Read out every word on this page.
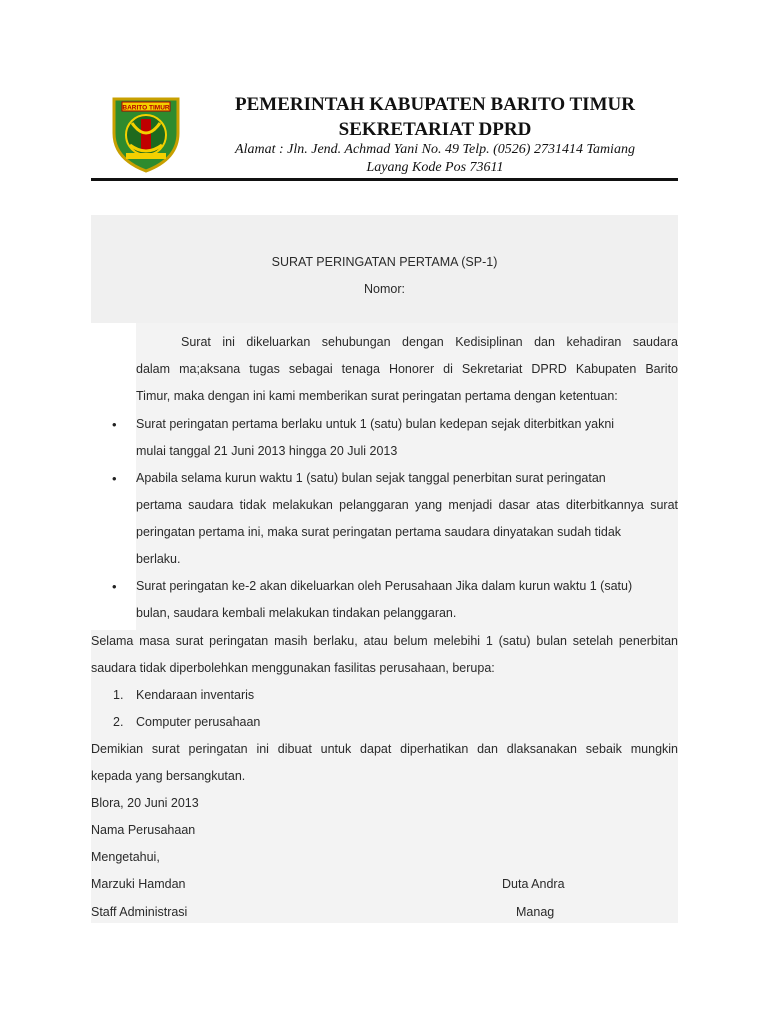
BARITO TIMUR	PEMERINTAH KABUPATEN BARITO TIMUR
SEKRETARIAT DPRD
Alamat : Jln. Jend. Achmad Yani No. 49 Telp. (0526) 2731414 Tamiang
Layang Kode Pos 73611
SURAT PERINGATAN PERTAMA (SP-1)
Nomor:
Surat ini dikeluarkan sehubungan dengan Kedisiplinan dan kehadiran saudara
dalam ma;aksana tugas sebagai tenaga Honorer di Sekretariat DPRD Kabupaten Barito
Timur, maka dengan ini kami memberikan surat peringatan pertama dengan ketentuan:
• Surat peringatan pertama berlaku untuk 1 (satu) bulan kedepan sejak diterbitkan yakni
mulai tanggal 21 Juni 2013 hingga 20 Juli 2013
• Apabila selama kurun waktu 1 (satu) bulan sejak tanggal penerbitan surat peringatan
pertama saudara tidak melakukan pelanggaran yang menjadi dasar atas diterbitkannya surat
peringatan pertama ini, maka surat peringatan pertama saudara dinyatakan sudah tidak
berlaku.
• Surat peringatan ke-2 akan dikeluarkan oleh Perusahaan Jika dalam kurun waktu 1 (satu)
bulan, saudara kembali melakukan tindakan pelanggaran.
Selama masa surat peringatan masih berlaku, atau belum melebihi 1 (satu) bulan setelah penerbitan
saudara tidak diperbolehkan menggunakan fasilitas perusahaan, berupa:
1. Kendaraan inventaris
2. Computer perusahaan
Demikian surat peringatan ini dibuat untuk dapat diperhatikan dan dlaksanakan sebaik mungkin
kepada yang bersangkutan.
Blora, 20 Juni 2013
Nama Perusahaan
Mengetahui,
Marzuki Hamdan	Duta Andra
Staff Administrasi	Manag
